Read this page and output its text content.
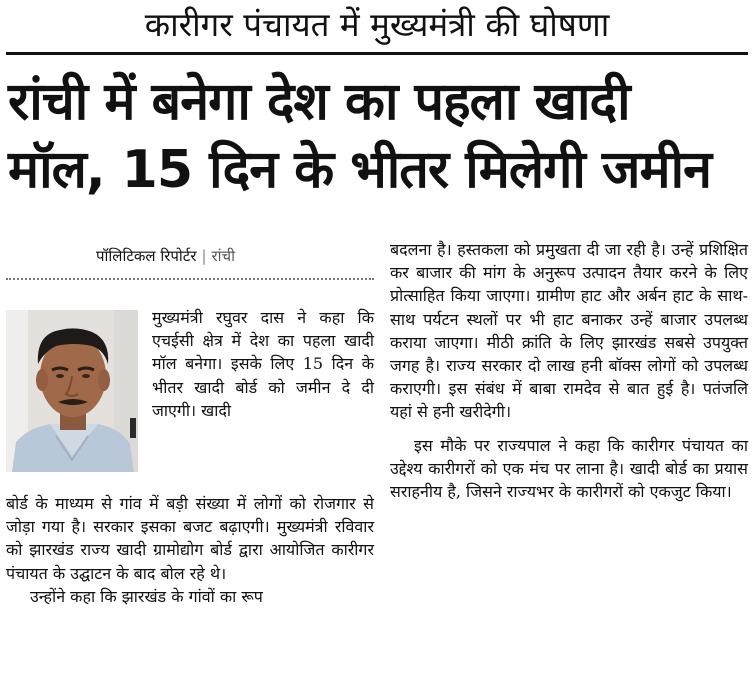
कारीगर पंचायत में मुख्यमंत्री की घोषणा
रांची में बनेगा देश का पहला खादी
मॉल, 15 दिन के भीतर मिलेगी जमीन
पॉलिटिकल रिपोर्टर | रांची

मुख्यमंत्री रघुवर दास ने कहा कि एचईसी क्षेत्र में देश का पहला खादी मॉल बनेगा। इसके लिए 15 दिन के भीतर खादी बोर्ड को जमीन दे दी जाएगी। खादी

बोर्ड के माध्यम से गांव में बड़ी संख्या में लोगों को रोजगार से जोड़ा गया है। सरकार इसका बजट बढ़ाएगी। मुख्यमंत्री रविवार को झारखंड राज्य खादी ग्रामोद्योग बोर्ड द्वारा आयोजित कारीगर पंचायत के उद्घाटन के बाद बोल रहे थे।

उन्होंने कहा कि झारखंड के गांवों का रूप

बदलना है। हस्तकला को प्रमुखता दी जा रही है। उन्हें प्रशिक्षित कर बाजार की मांग के अनुरूप उत्पादन तैयार करने के लिए प्रोत्साहित किया जाएगा। ग्रामीण हाट और अर्बन हाट के साथ-साथ पर्यटन स्थलों पर भी हाट बनाकर उन्हें बाजार उपलब्ध कराया जाएगा। मीठी क्रांति के लिए झारखंड सबसे उपयुक्त जगह है। राज्य सरकार दो लाख हनी बॉक्स लोगों को उपलब्ध कराएगी। इस संबंध में बाबा रामदेव से बात हुई है। पतंजलि यहां से हनी खरीदेगी।

इस मौके पर राज्यपाल ने कहा कि कारीगर पंचायत का उद्देश्य कारीगरों को एक मंच पर लाना है। खादी बोर्ड का प्रयास सराहनीय है, जिसने राज्यभर के कारीगरों को एकजुट किया।
